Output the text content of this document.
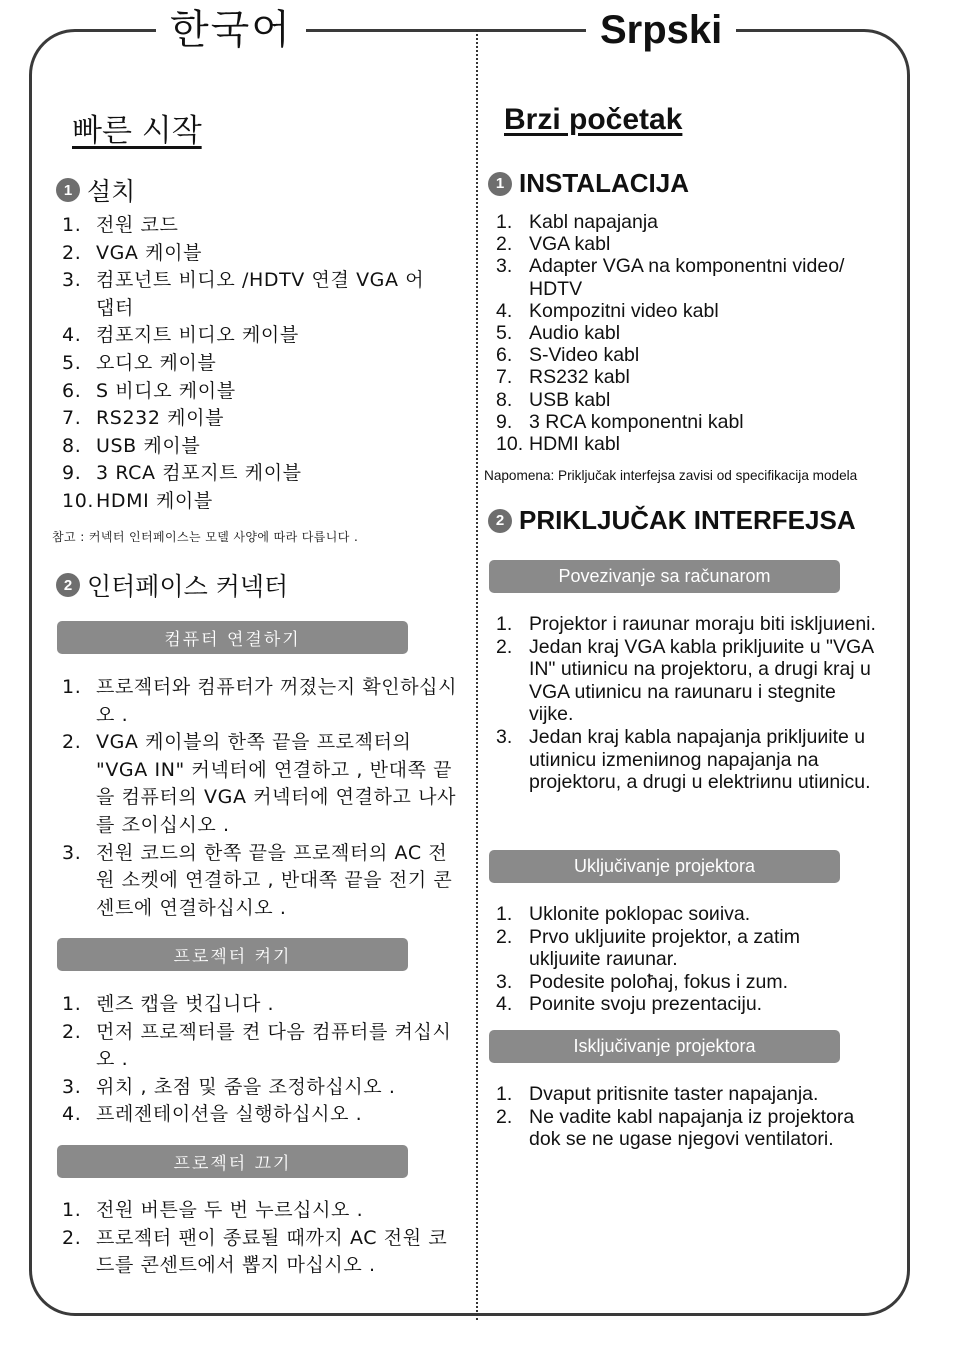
한국어	Srpski
빠른 시작
1 설치
1. 전원 코드
2. VGA 케이블
3. 컴포넌트 비디오 /HDTV 연결 VGA 어댑터
4. 컴포지트 비디오 케이블
5. 오디오 케이블
6. S 비디오 케이블
7. RS232 케이블
8. USB 케이블
9. 3 RCA 컴포지트 케이블
10. HDMI 케이블
참고 : 커넥터 인터페이스는 모델 사양에 따라 다릅니다 .
2 인터페이스 커넥터
컴퓨터 연결하기
1. 프로젝터와 컴퓨터가 꺼졌는지 확인하십시오 .
2. VGA 케이블의 한쪽 끝을 프로젝터의 "VGA IN" 커넥터에 연결하고 , 반대쪽 끝을 컴퓨터의 VGA 커넥터에 연결하고 나사를 조이십시오 .
3. 전원 코드의 한쪽 끝을 프로젝터의 AC 전원 소켓에 연결하고 , 반대쪽 끝을 전기 콘센트에 연결하십시오 .
프로젝터 켜기
1. 렌즈 캡을 벗깁니다 .
2. 먼저 프로젝터를 켠 다음 컴퓨터를 켜십시오 .
3. 위치 , 초점 및 줌을 조정하십시오 .
4. 프레젠테이션을 실행하십시오 .
프로젝터 끄기
1. 전원 버튼을 두 번 누르십시오 .
2. 프로젝터 팬이 종료될 때까지 AC 전원 코드를 콘센트에서 뽑지 마십시오 .
Brzi početak
1 INSTALACIJA
1. Kabl napajanja
2. VGA kabl
3. Adapter VGA na komponentni video/ HDTV
4. Kompozitni video kabl
5. Audio kabl
6. S-Video kabl
7. RS232 kabl
8. USB kabl
9. 3 RCA komponentni kabl
10. HDMI kabl
Napomena: Priključak interfejsa zavisi od specifikacija modela
2 PRIKLJUČAK INTERFEJSA
Povezivanje sa računarom
1. Projektor i raиunar moraju biti iskljuиeni.
2. Jedan kraj VGA kabla prikljuиite u "VGA IN" utiиnicu na projektoru, a drugi kraj u VGA utiиnicu na raиunaru i stegnite vijke.
3. Jedan kraj kabla napajanja prikljuиite u utiиnicu izmeniиnog napajanja na projektoru, a drugi u elektriиnu utiиnicu.
Uključivanje projektora
1. Uklonite poklopac soиiva.
2. Prvo ukljuиite projektor, a zatim ukljuиite raиunar.
3. Podesite poloћaj, fokus i zum.
4. Poиnite svoju prezentaciju.
Isključivanje projektora
1. Dvaput pritisnite taster napajanja.
2. Ne vadite kabl napajanja iz projektora dok se ne ugase njegovi ventilatori.
